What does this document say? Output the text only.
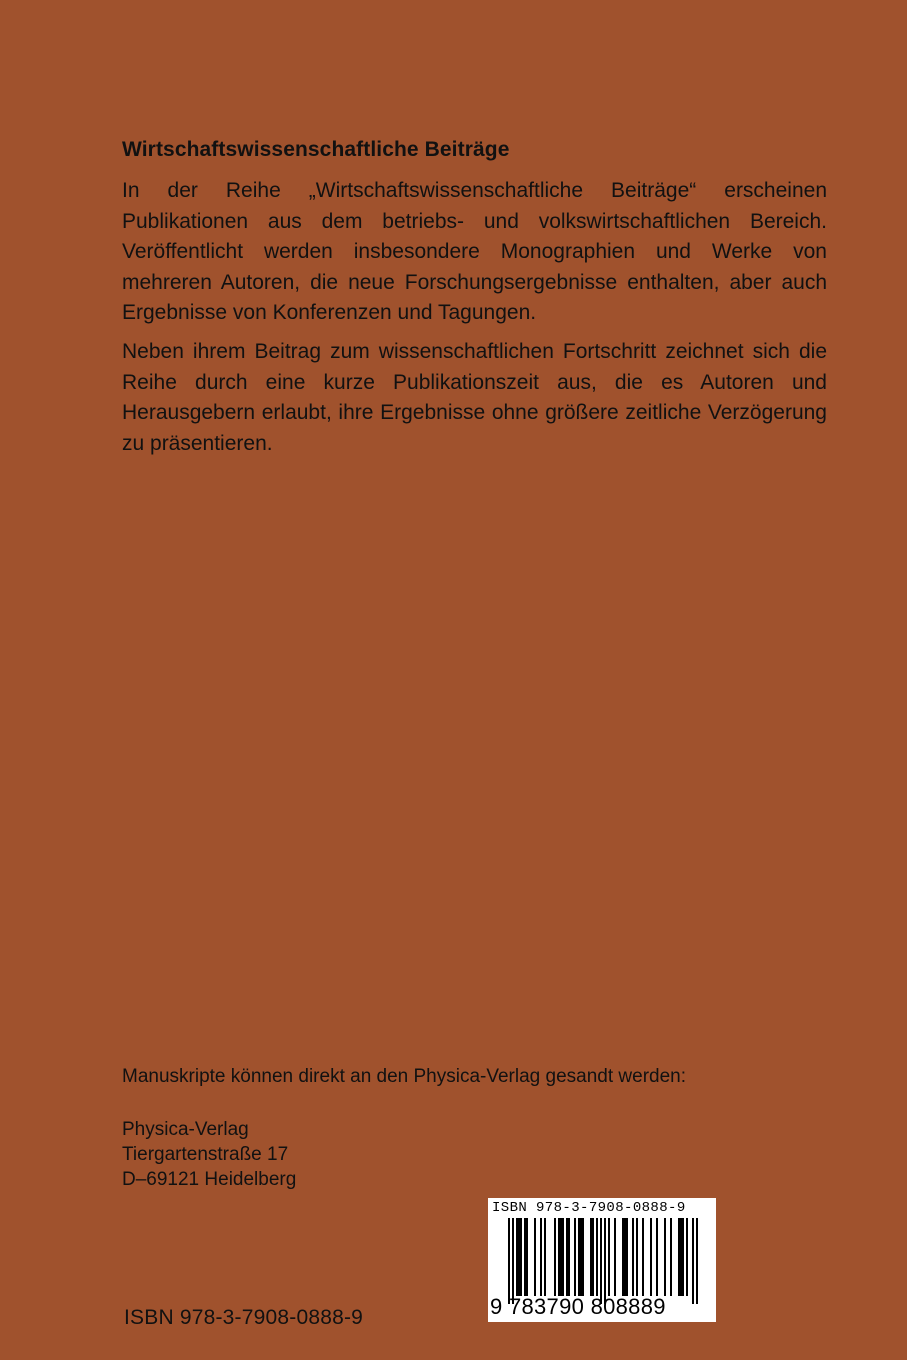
Wirtschaftswissenschaftliche Beiträge
In der Reihe „Wirtschaftswissenschaftliche Beiträge“ erscheinen Publikationen aus dem betriebs- und volkswirtschaftlichen Bereich. Veröffentlicht werden insbesondere Monographien und Werke von mehreren Autoren, die neue Forschungsergebnisse enthalten, aber auch Ergebnisse von Konferenzen und Tagungen.
Neben ihrem Beitrag zum wissenschaftlichen Fortschritt zeichnet sich die Reihe durch eine kurze Publikationszeit aus, die es Autoren und Herausgebern erlaubt, ihre Ergebnisse ohne größere zeitliche Verzögerung zu präsentieren.
Manuskripte können direkt an den Physica-Verlag gesandt werden:
Physica-Verlag
Tiergartenstraße 17
D–69121 Heidelberg
ISBN 978-3-7908-0888-9
9 783790 808889
ISBN 978-3-7908-0888-9
